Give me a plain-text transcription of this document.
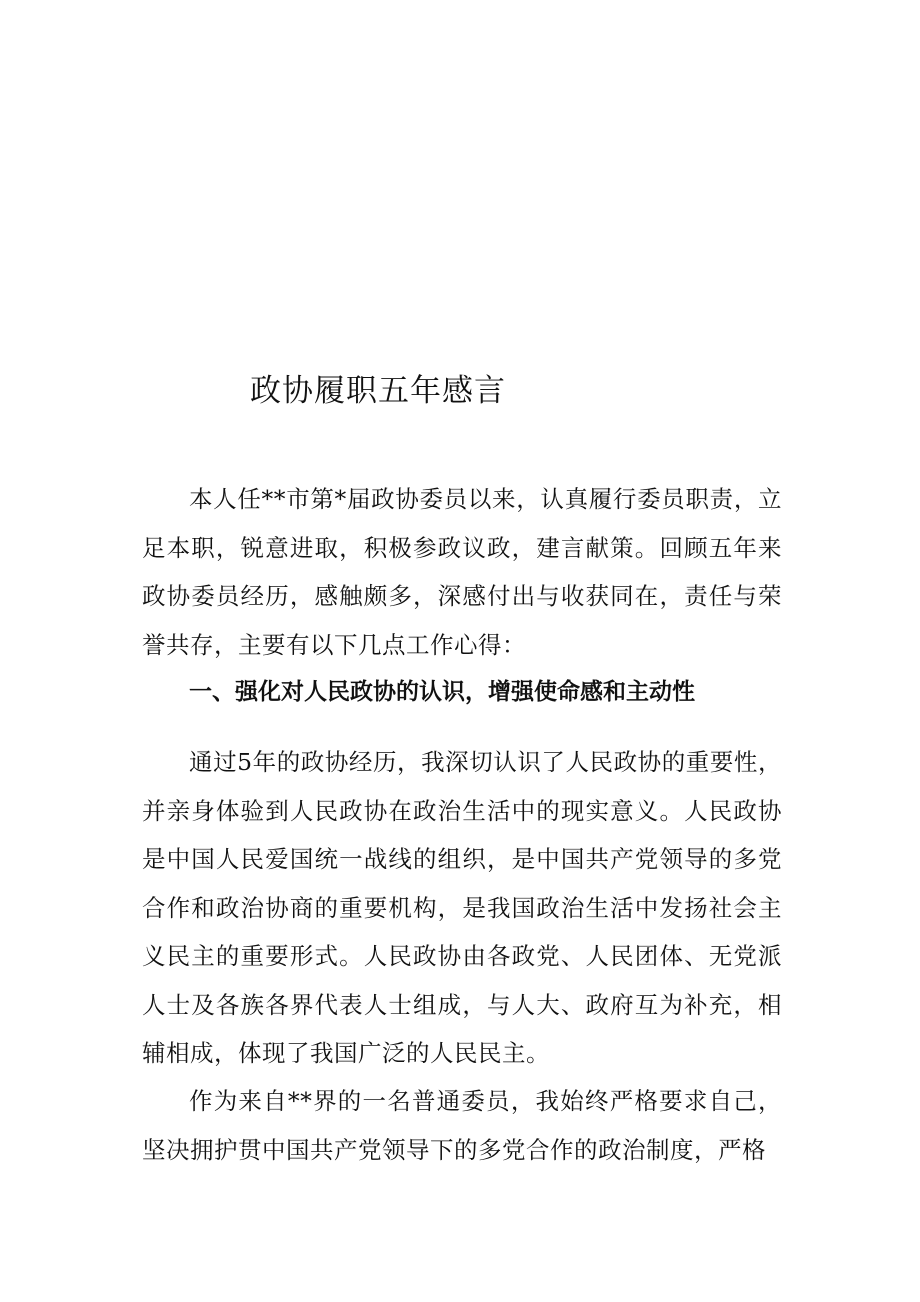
政协履职五年感言

本人任**市第*届政协委员以来，认真履行委员职责，立足本职，锐意进取，积极参政议政，建言献策。回顾五年来政协委员经历，感触颇多，深感付出与收获同在，责任与荣誉共存，主要有以下几点工作心得：

一、强化对人民政协的认识，增强使命感和主动性

通过5年的政协经历，我深切认识了人民政协的重要性，并亲身体验到人民政协在政治生活中的现实意义。人民政协是中国人民爱国统一战线的组织，是中国共产党领导的多党合作和政治协商的重要机构，是我国政治生活中发扬社会主义民主的重要形式。人民政协由各政党、人民团体、无党派人士及各族各界代表人士组成，与人大、政府互为补充，相辅相成，体现了我国广泛的人民民主。

作为来自**界的一名普通委员，我始终严格要求自己，坚决拥护贯中国共产党领导下的多党合作的政治制度，严格
